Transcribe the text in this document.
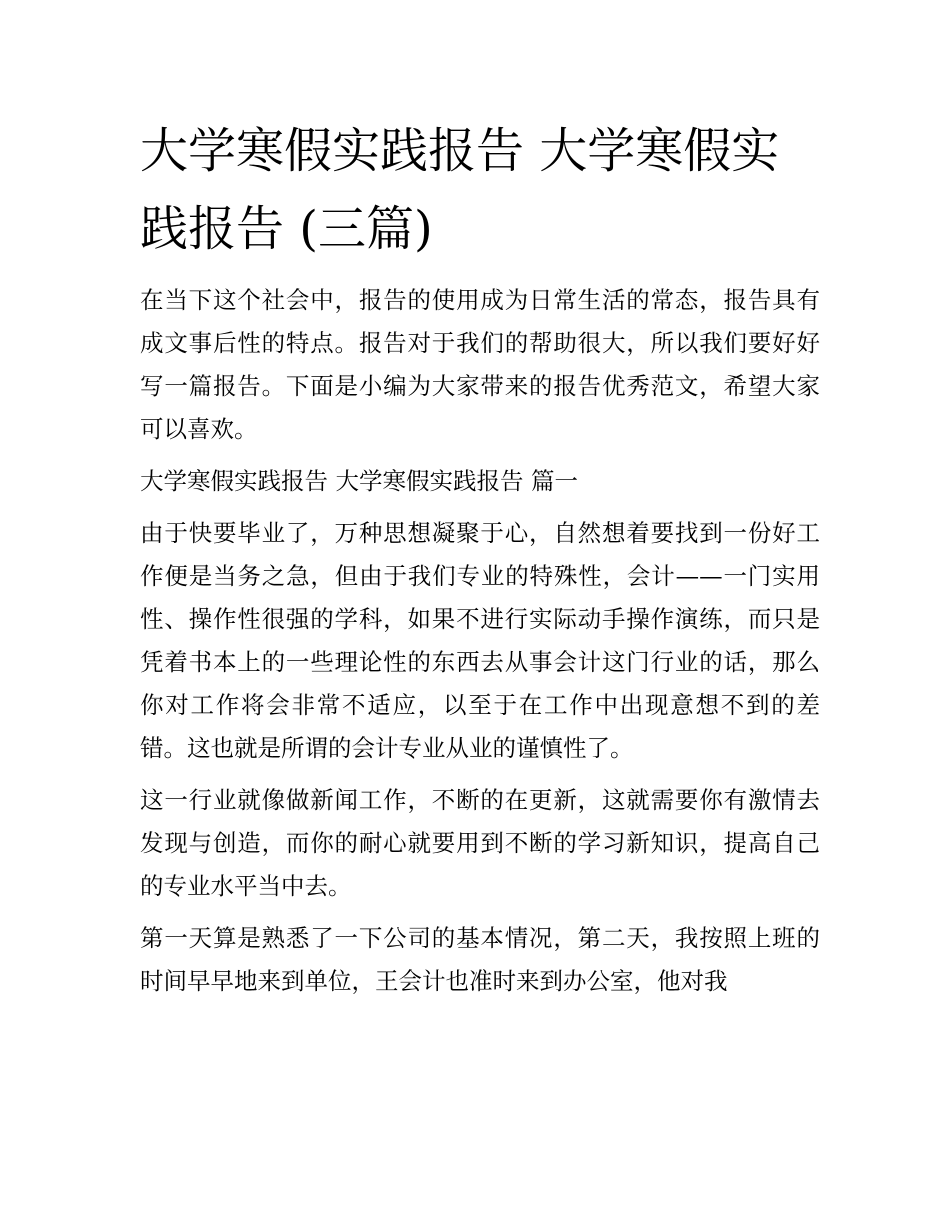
大学寒假实践报告 大学寒假实践报告 (三篇)

在当下这个社会中，报告的使用成为日常生活的常态，报告具有成文事后性的特点。报告对于我们的帮助很大，所以我们要好好写一篇报告。下面是小编为大家带来的报告优秀范文，希望大家可以喜欢。

大学寒假实践报告 大学寒假实践报告 篇一

由于快要毕业了，万种思想凝聚于心，自然想着要找到一份好工作便是当务之急，但由于我们专业的特殊性，会计——一门实用性、操作性很强的学科，如果不进行实际动手操作演练，而只是凭着书本上的一些理论性的东西去从事会计这门行业的话，那么你对工作将会非常不适应，以至于在工作中出现意想不到的差错。这也就是所谓的会计专业从业的谨慎性了。

这一行业就像做新闻工作，不断的在更新，这就需要你有激情去发现与创造，而你的耐心就要用到不断的学习新知识，提高自己的专业水平当中去。

第一天算是熟悉了一下公司的基本情况，第二天，我按照上班的时间早早地来到单位，王会计也准时来到办公室，他对我
